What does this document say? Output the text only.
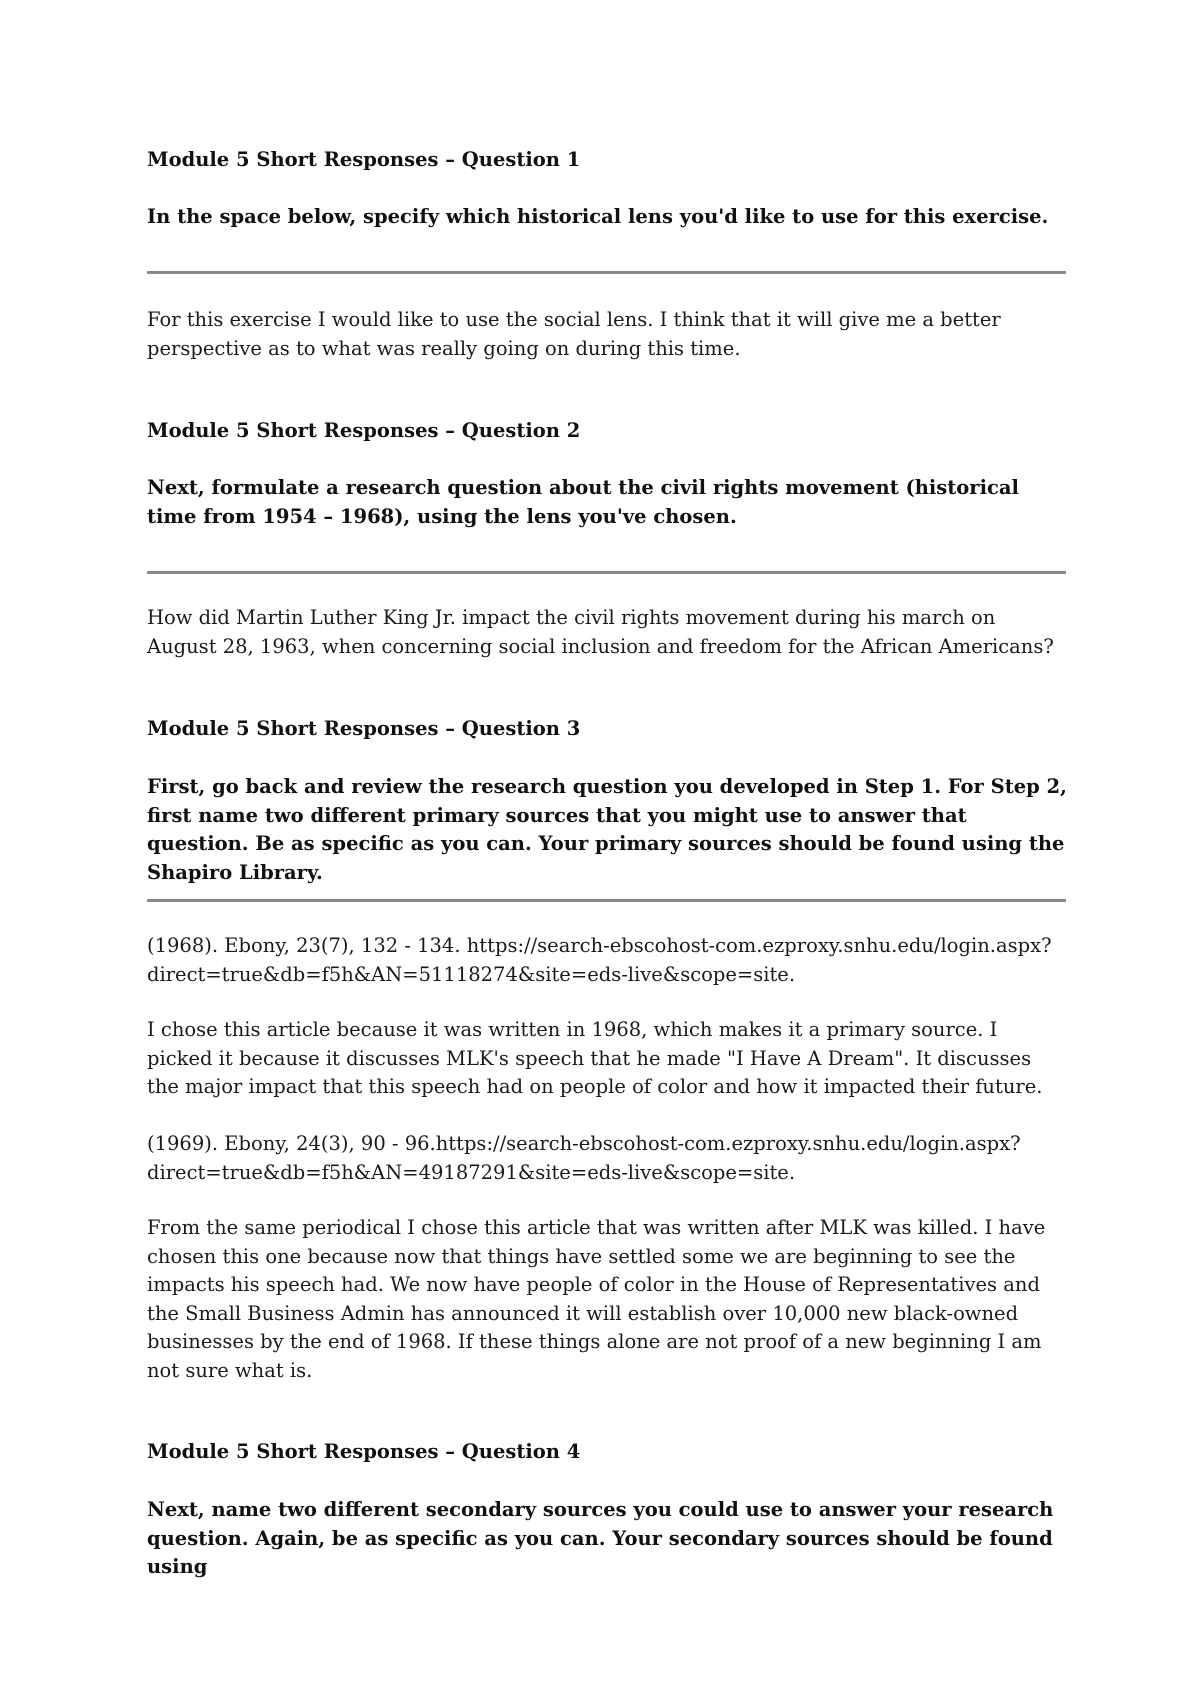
Module 5 Short Responses – Question 1

In the space below, specify which historical lens you'd like to use for this exercise.

For this exercise I would like to use the social lens. I think that it will give me a better perspective as to what was really going on during this time.

Module 5 Short Responses – Question 2

Next, formulate a research question about the civil rights movement (historical time from 1954 – 1968), using the lens you've chosen.

How did Martin Luther King Jr. impact the civil rights movement during his march on August 28, 1963, when concerning social inclusion and freedom for the African Americans?

Module 5 Short Responses – Question 3

First, go back and review the research question you developed in Step 1. For Step 2, first name two different primary sources that you might use to answer that question. Be as specific as you can. Your primary sources should be found using the Shapiro Library.

(1968). Ebony, 23(7), 132 - 134. https://search-ebscohost-com.ezproxy.snhu.edu/login.aspx?direct=true&db=f5h&AN=51118274&site=eds-live&scope=site.

I chose this article because it was written in 1968, which makes it a primary source. I picked it because it discusses MLK's speech that he made "I Have A Dream". It discusses the major impact that this speech had on people of color and how it impacted their future.

(1969). Ebony, 24(3), 90 - 96.https://search-ebscohost-com.ezproxy.snhu.edu/login.aspx?direct=true&db=f5h&AN=49187291&site=eds-live&scope=site.

From the same periodical I chose this article that was written after MLK was killed. I have chosen this one because now that things have settled some we are beginning to see the impacts his speech had. We now have people of color in the House of Representatives and the Small Business Admin has announced it will establish over 10,000 new black-owned businesses by the end of 1968. If these things alone are not proof of a new beginning I am not sure what is.

Module 5 Short Responses – Question 4

Next, name two different secondary sources you could use to answer your research question. Again, be as specific as you can. Your secondary sources should be found using
